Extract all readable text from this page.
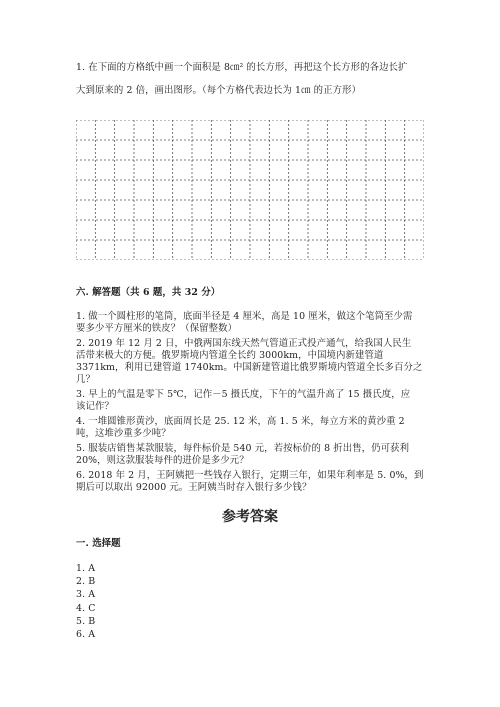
1. 在下面的方格纸中画一个面积是 8㎝² 的长方形，再把这个长方形的各边长扩
大到原来的 2 倍，画出图形。（每个方格代表边长为 1㎝ 的正方形）
六. 解答题（共 6 题，共 32 分）
1. 做一个圆柱形的笔筒，底面半径是 4 厘米，高是 10 厘米，做这个笔筒至少需
要多少平方厘米的铁皮？（保留整数）
2. 2019 年 12 月 2 日，中俄两国东线天然气管道正式投产通气，给我国人民生
活带来极大的方便。俄罗斯境内管道全长约 3000km，中国境内新建管道
3371km，利用已建管道 1740km。中国新建管道比俄罗斯境内管道全长多百分之
几？
3. 早上的气温是零下 5℃，记作－5 摄氏度，下午的气温升高了 15 摄氏度，应
该记作？
4. 一堆圆锥形黄沙，底面周长是 25. 12 米，高 1. 5 米，每立方米的黄沙重 2
吨，这堆沙重多少吨？
5. 服装店销售某款服装，每件标价是 540 元，若按标价的 8 折出售，仍可获利
20%，则这款服装每件的进价是多少元？
6. 2018 年 2 月，王阿姨把一些钱存入银行，定期三年，如果年利率是 5. 0%，到
期后可以取出 92000 元。王阿姨当时存入银行多少钱？
参考答案
一. 选择题
1. A
2. B
3. A
4. C
5. B
6. A
